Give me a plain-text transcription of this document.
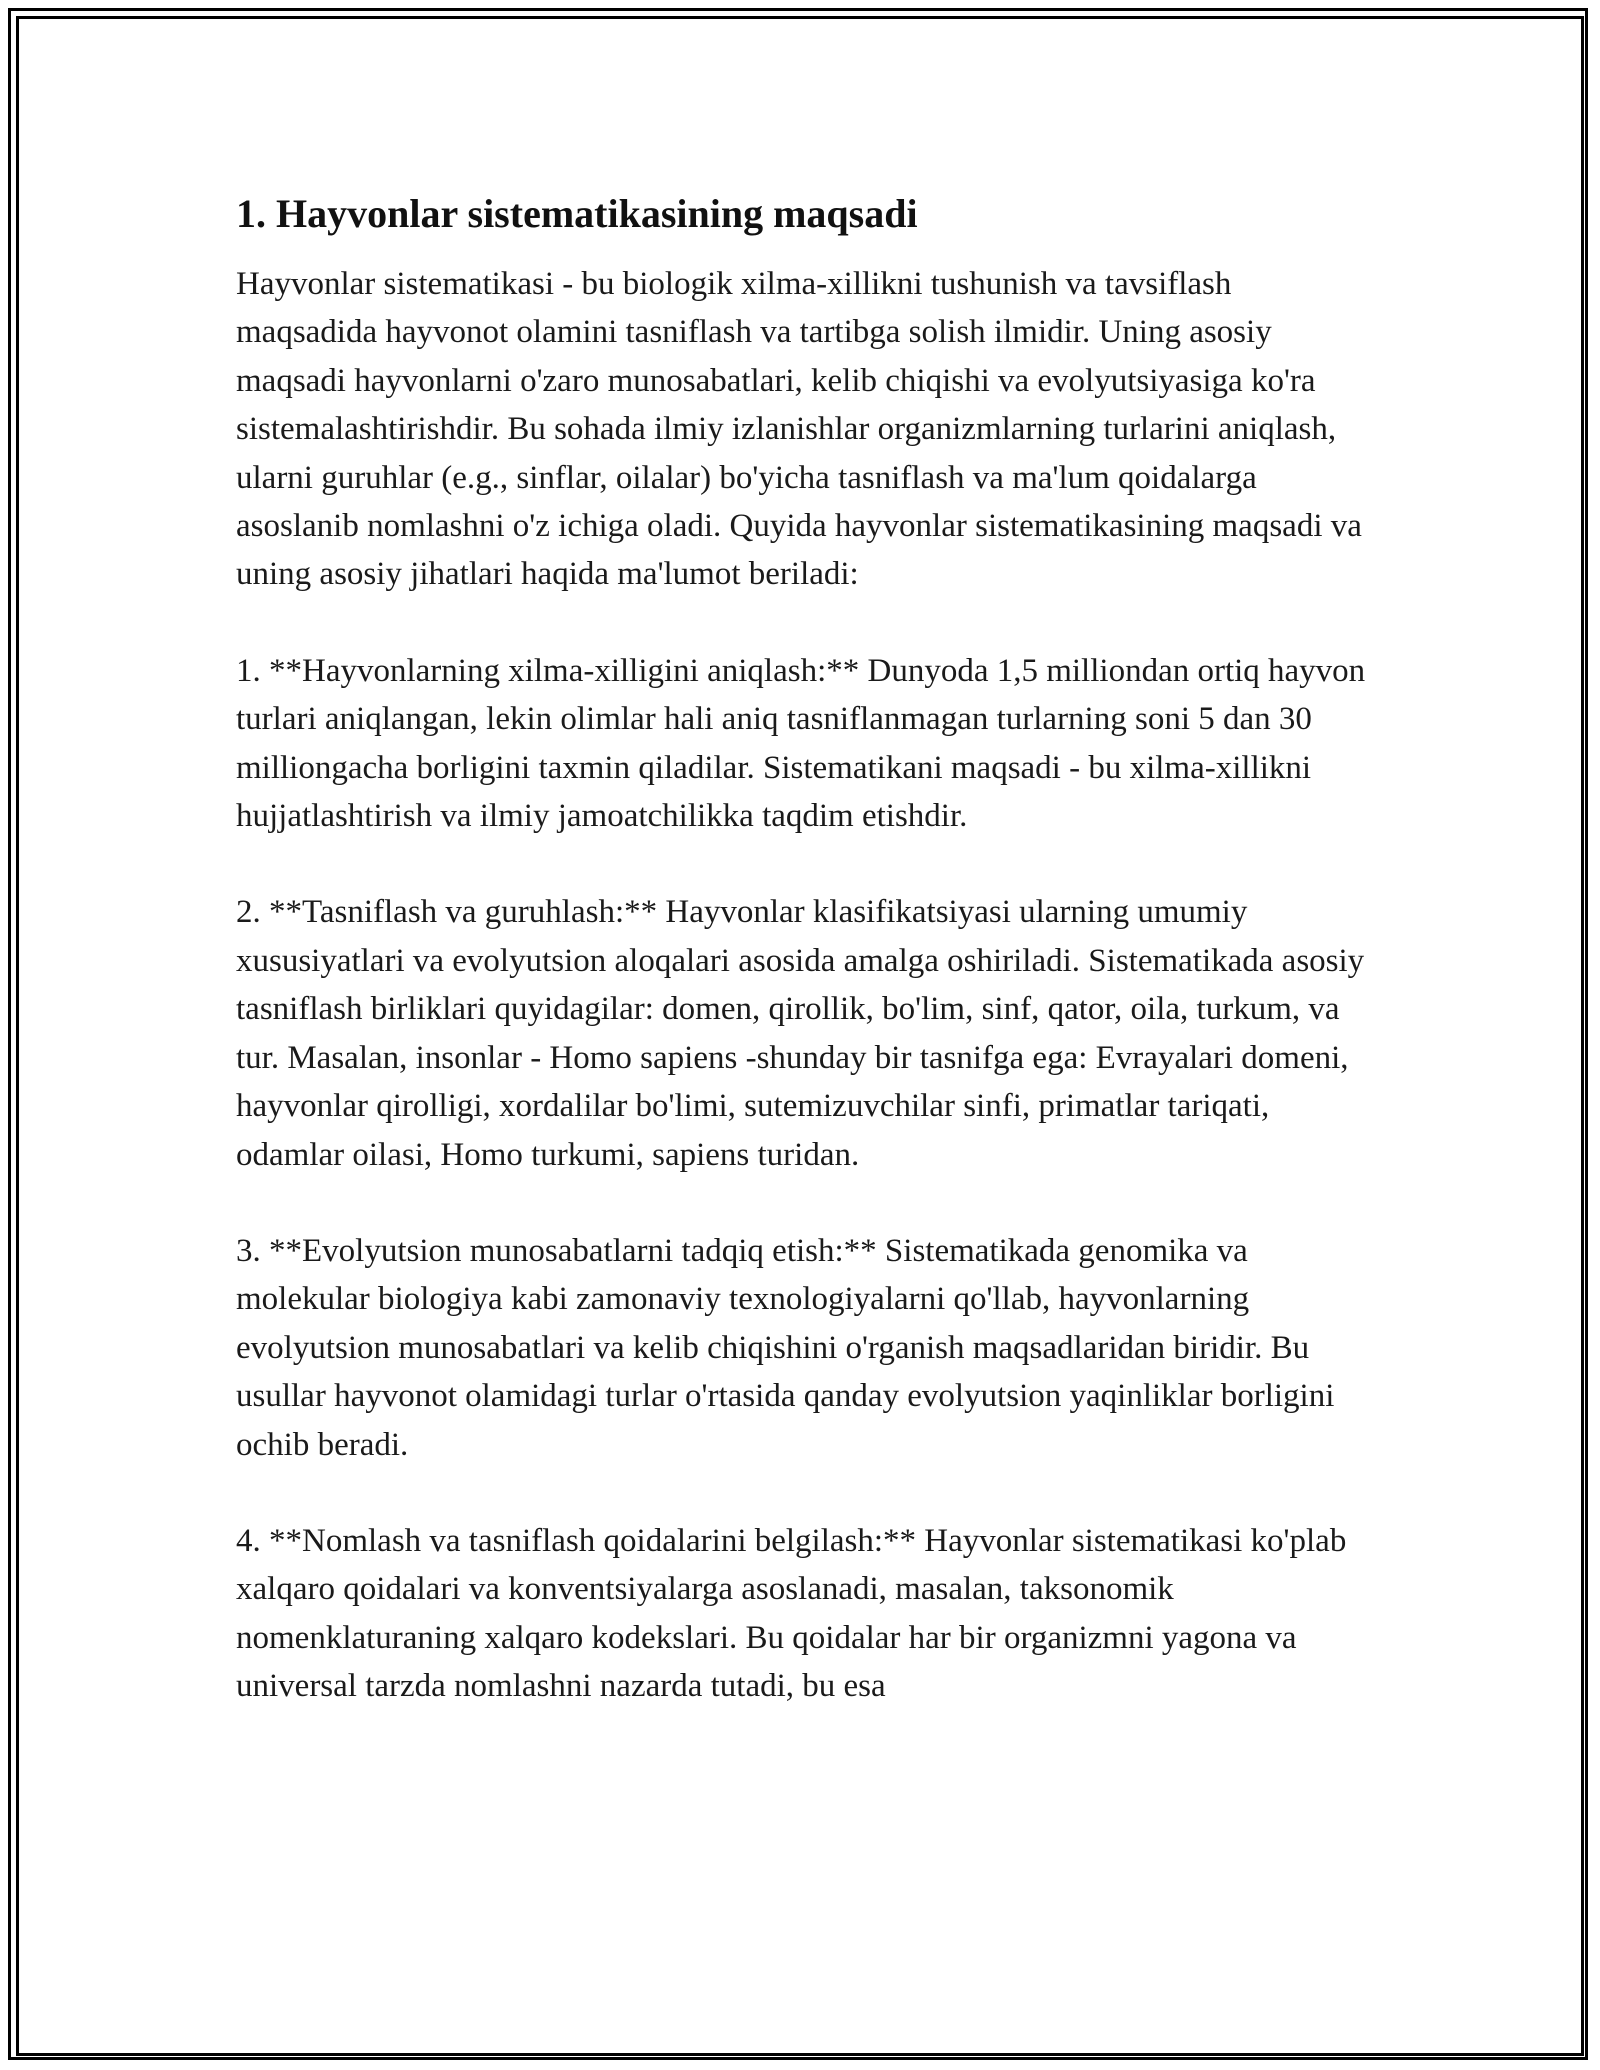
1. Hayvonlar sistematikasining maqsadi

Hayvonlar sistematikasi - bu biologik xilma-xillikni tushunish va tavsiflash maqsadida hayvonot olamini tasniflash va tartibga solish ilmidir. Uning asosiy maqsadi hayvonlarni o'zaro munosabatlari, kelib chiqishi va evolyutsiyasiga ko'ra sistemalashtirishdir. Bu sohada ilmiy izlanishlar organizmlarning turlarini aniqlash, ularni guruhlar (e.g., sinflar, oilalar) bo'yicha tasniflash va ma'lum qoidalarga asoslanib nomlashni o'z ichiga oladi. Quyida hayvonlar sistematikasining maqsadi va uning asosiy jihatlari haqida ma'lumot beriladi:

1. **Hayvonlarning xilma-xilligini aniqlash:** Dunyoda 1,5 milliondan ortiq hayvon turlari aniqlangan, lekin olimlar hali aniq tasniflanmagan turlarning soni 5 dan 30 milliongacha borligini taxmin qiladilar. Sistematikani maqsadi - bu xilma-xillikni hujjatlashtirish va ilmiy jamoatchilikka taqdim etishdir.

2. **Tasniflash va guruhlash:** Hayvonlar klasifikatsiyasi ularning umumiy xususiyatlari va evolyutsion aloqalari asosida amalga oshiriladi. Sistematikada asosiy tasniflash birliklari quyidagilar: domen, qirollik, bo'lim, sinf, qator, oila, turkum, va tur. Masalan, insonlar - Homo sapiens -shunday bir tasnifga ega: Evrayalari domeni, hayvonlar qirolligi, xordalilar bo'limi, sutemizuvchilar sinfi, primatlar tariqati, odamlar oilasi, Homo turkumi, sapiens turidan.

3. **Evolyutsion munosabatlarni tadqiq etish:** Sistematikada genomika va molekular biologiya kabi zamonaviy texnologiyalarni qo'llab, hayvonlarning evolyutsion munosabatlari va kelib chiqishini o'rganish maqsadlaridan biridir. Bu usullar hayvonot olamidagi turlar o'rtasida qanday evolyutsion yaqinliklar borligini ochib beradi.

4. **Nomlash va tasniflash qoidalarini belgilash:** Hayvonlar sistematikasi ko'plab xalqaro qoidalari va konventsiyalarga asoslanadi, masalan, taksonomik nomenklaturaning xalqaro kodekslari. Bu qoidalar har bir organizmni yagona va universal tarzda nomlashni nazarda tutadi, bu esa
